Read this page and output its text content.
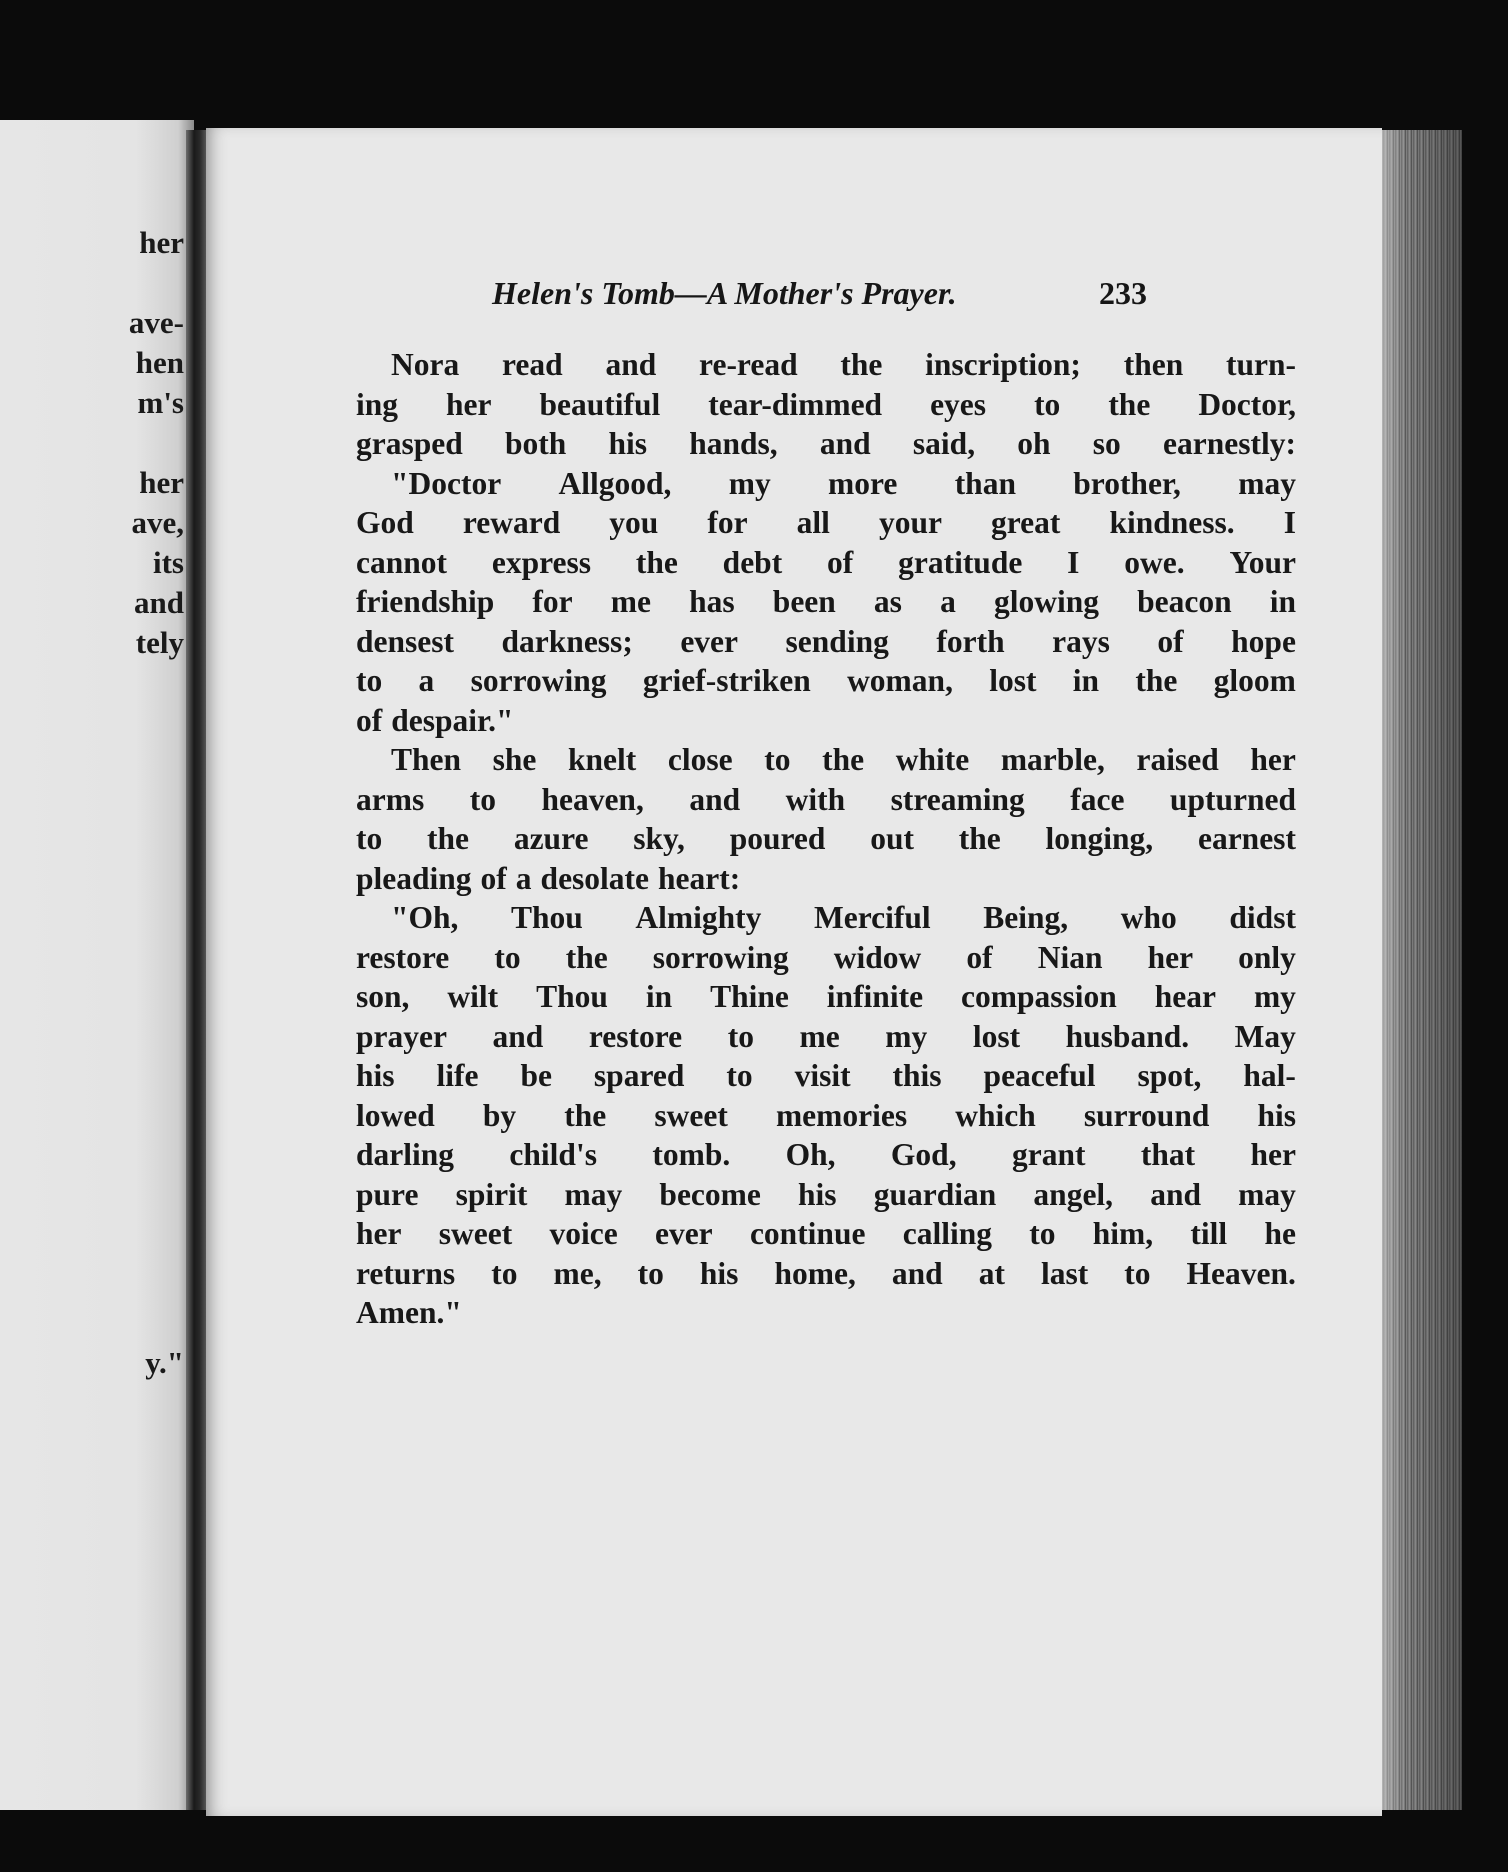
her
ave-
hen
m's
her
ave,
its
and
tely
y."
Helen's Tomb—A Mother's Prayer.	233
Nora read and re-read the inscription; then turn-
ing her beautiful tear-dimmed eyes to the Doctor,
grasped both his hands, and said, oh so earnestly:
"Doctor Allgood, my more than brother, may
God reward you for all your great kindness. I
cannot express the debt of gratitude I owe. Your
friendship for me has been as a glowing beacon in
densest darkness; ever sending forth rays of hope
to a sorrowing grief-striken woman, lost in the gloom
of despair."
Then she knelt close to the white marble, raised her
arms to heaven, and with streaming face upturned
to the azure sky, poured out the longing, earnest
pleading of a desolate heart:
"Oh, Thou Almighty Merciful Being, who didst
restore to the sorrowing widow of Nian her only
son, wilt Thou in Thine infinite compassion hear my
prayer and restore to me my lost husband. May
his life be spared to visit this peaceful spot, hal-
lowed by the sweet memories which surround his
darling child's tomb. Oh, God, grant that her
pure spirit may become his guardian angel, and may
her sweet voice ever continue calling to him, till he
returns to me, to his home, and at last to Heaven.
Amen."
